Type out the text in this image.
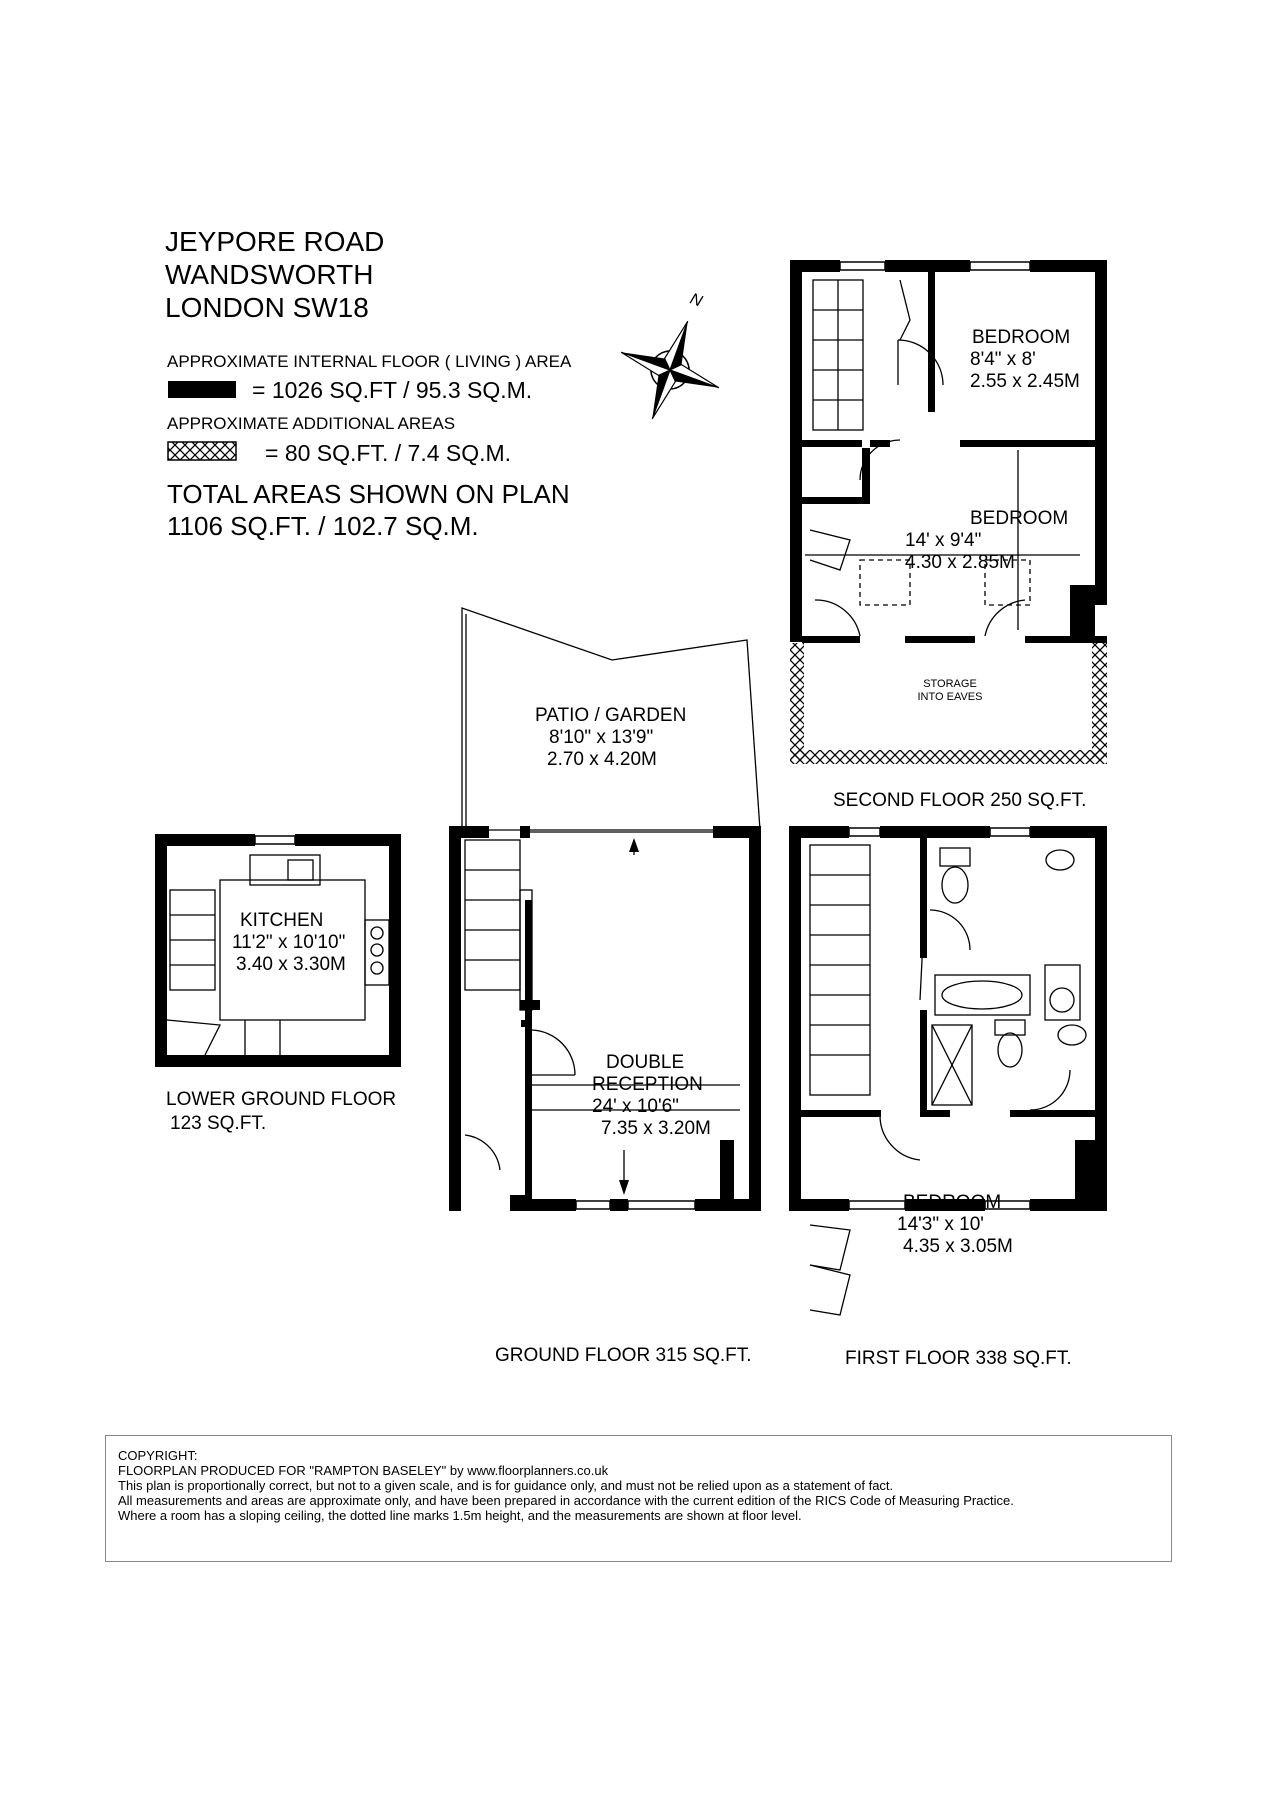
JEYPORE ROAD
WANDSWORTH
LONDON SW18
APPROXIMATE INTERNAL FLOOR ( LIVING ) AREA
= 1026 SQ.FT / 95.3 SQ.M.
APPROXIMATE ADDITIONAL AREAS
= 80 SQ.FT. / 7.4 SQ.M.
TOTAL AREAS SHOWN ON PLAN
1106 SQ.FT. / 102.7 SQ.M.
N
BEDROOM
8'4" x 8'
2.55 x 2.45M
BEDROOM
14' x 9'4"
4.30 x 2.85M
STORAGE
INTO EAVES
SECOND FLOOR 250 SQ.FT.
PATIO / GARDEN
8'10" x 13'9"
2.70 x 4.20M
KITCHEN
11'2" x 10'10"
3.40 x 3.30M
LOWER GROUND FLOOR
123 SQ.FT.
DOUBLE
RECEPTION
24' x 10'6"
7.35 x 3.20M
GROUND FLOOR 315 SQ.FT.
BEDROOM
14'3" x 10'
4.35 x 3.05M
FIRST FLOOR 338 SQ.FT.
COPYRIGHT:
FLOORPLAN PRODUCED FOR "RAMPTON BASELEY" by www.floorplanners.co.uk
This plan is proportionally correct, but not to a given scale, and is for guidance only, and must not be relied upon as a statement of fact.
All measurements and areas are approximate only, and have been prepared in accordance with the current edition of the RICS Code of Measuring Practice.
Where a room has a sloping ceiling, the dotted line marks 1.5m height, and the measurements are shown at floor level.
